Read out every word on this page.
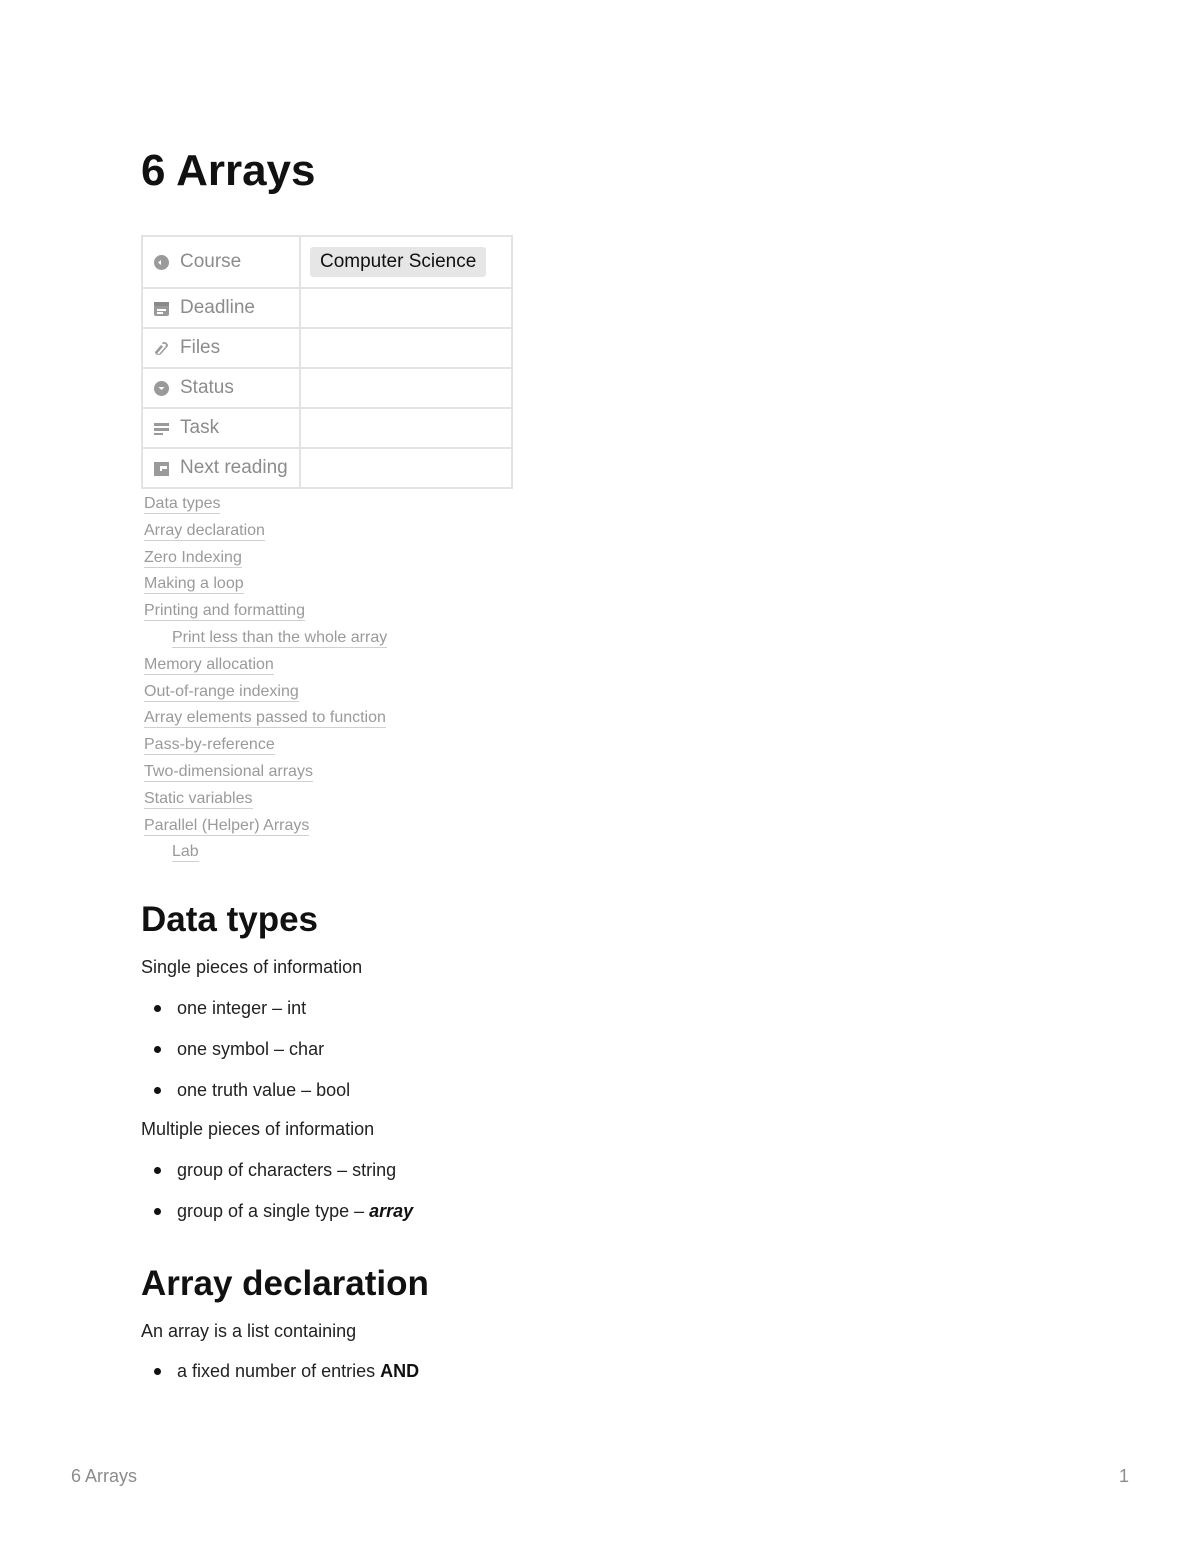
6 Arrays
Course	Computer Science

Deadline	

Files	

Status	

Task	

Next reading	

Data types
Array declaration
Zero Indexing
Making a loop
Printing and formatting
Print less than the whole array
Memory allocation
Out-of-range indexing
Array elements passed to function
Pass-by-reference
Two-dimensional arrays
Static variables
Parallel (Helper) Arrays
Lab
Data types

Single pieces of information

one integer – int
one symbol – char
one truth value – bool

Multiple pieces of information

group of characters – string
group of a single type – array
Array declaration

An array is a list containing

a fixed number of entries AND
6 Arrays	1
